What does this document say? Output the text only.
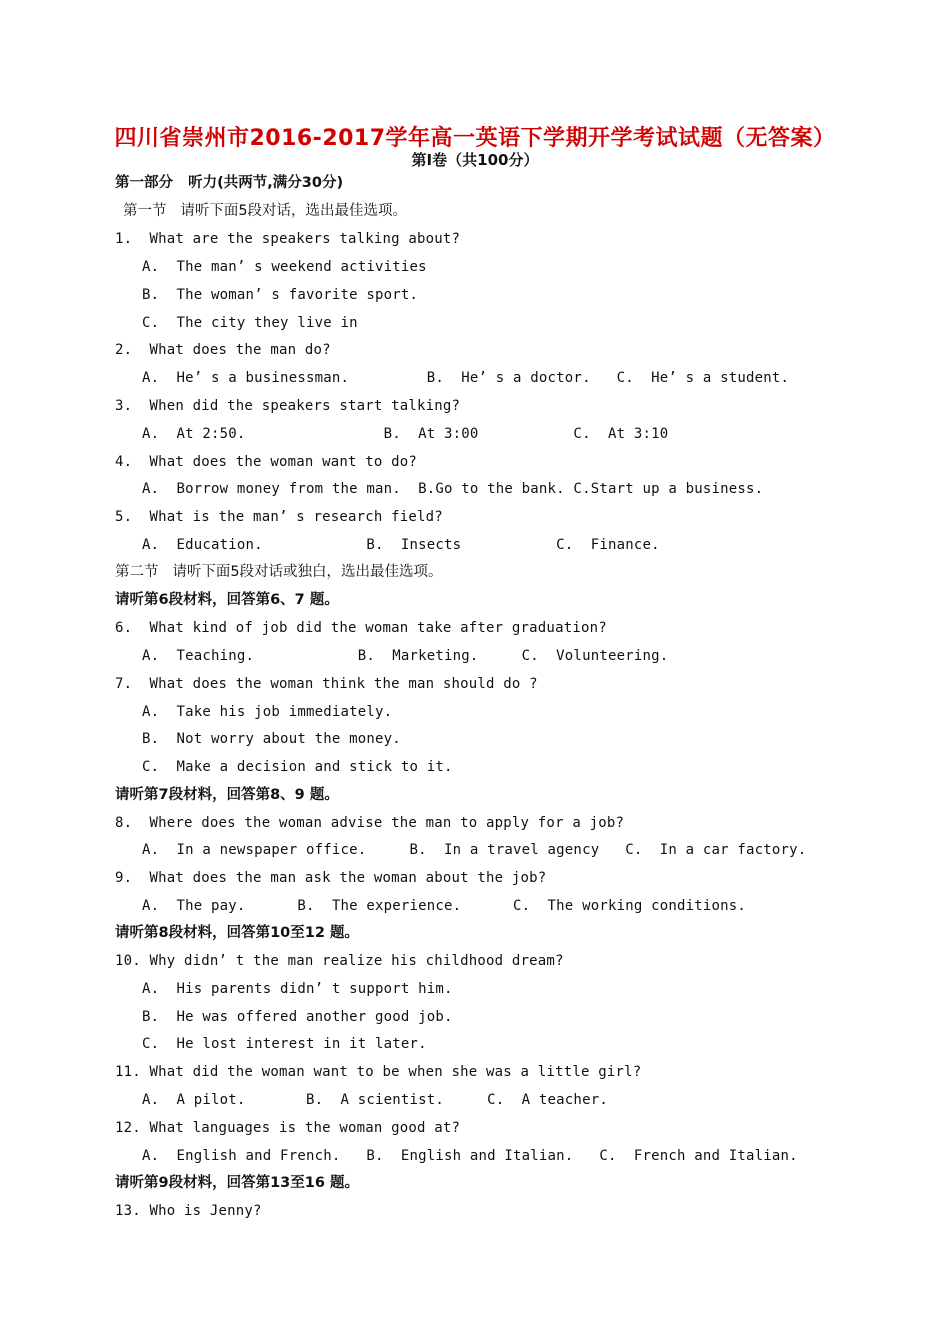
四川省崇州市2016-2017学年高一英语下学期开学考试试题（无答案）
第Ⅰ卷（共100分）
第一部分   听力(共两节,满分30分)
第一节   请听下面5段对话，选出最佳选项。
1.  What are the speakers talking about?
A.  The man’ s weekend activities
B.  The woman’ s favorite sport.
C.  The city they live in
2.  What does the man do?
A.  He’ s a businessman.         B.  He’ s a doctor.   C.  He’ s a student.
3.  When did the speakers start talking?
A.  At 2:50.                B.  At 3:00           C.  At 3:10
4.  What does the woman want to do?
A.  Borrow money from the man.  B.Go to the bank. C.Start up a business.
5.  What is the man’ s research field?
A.  Education.            B.  Insects           C.  Finance.
第二节   请听下面5段对话或独白，选出最佳选项。
请听第6段材料，回答第6、7 题。
6.  What kind of job did the woman take after graduation?
A.  Teaching.            B.  Marketing.     C.  Volunteering.
7.  What does the woman think the man should do ?
A.  Take his job immediately.
B.  Not worry about the money.
C.  Make a decision and stick to it.
请听第7段材料，回答第8、9 题。
8.  Where does the woman advise the man to apply for a job?
A.  In a newspaper office.     B.  In a travel agency   C.  In a car factory.
9.  What does the man ask the woman about the job?
A.  The pay.      B.  The experience.      C.  The working conditions.
请听第8段材料，回答第10至12 题。
10. Why didn’ t the man realize his childhood dream?
A.  His parents didn’ t support him.
B.  He was offered another good job.
C.  He lost interest in it later.
11. What did the woman want to be when she was a little girl?
A.  A pilot.       B.  A scientist.     C.  A teacher.
12. What languages is the woman good at?
A.  English and French.   B.  English and Italian.   C.  French and Italian.
请听第9段材料，回答第13至16 题。
13. Who is Jenny?
